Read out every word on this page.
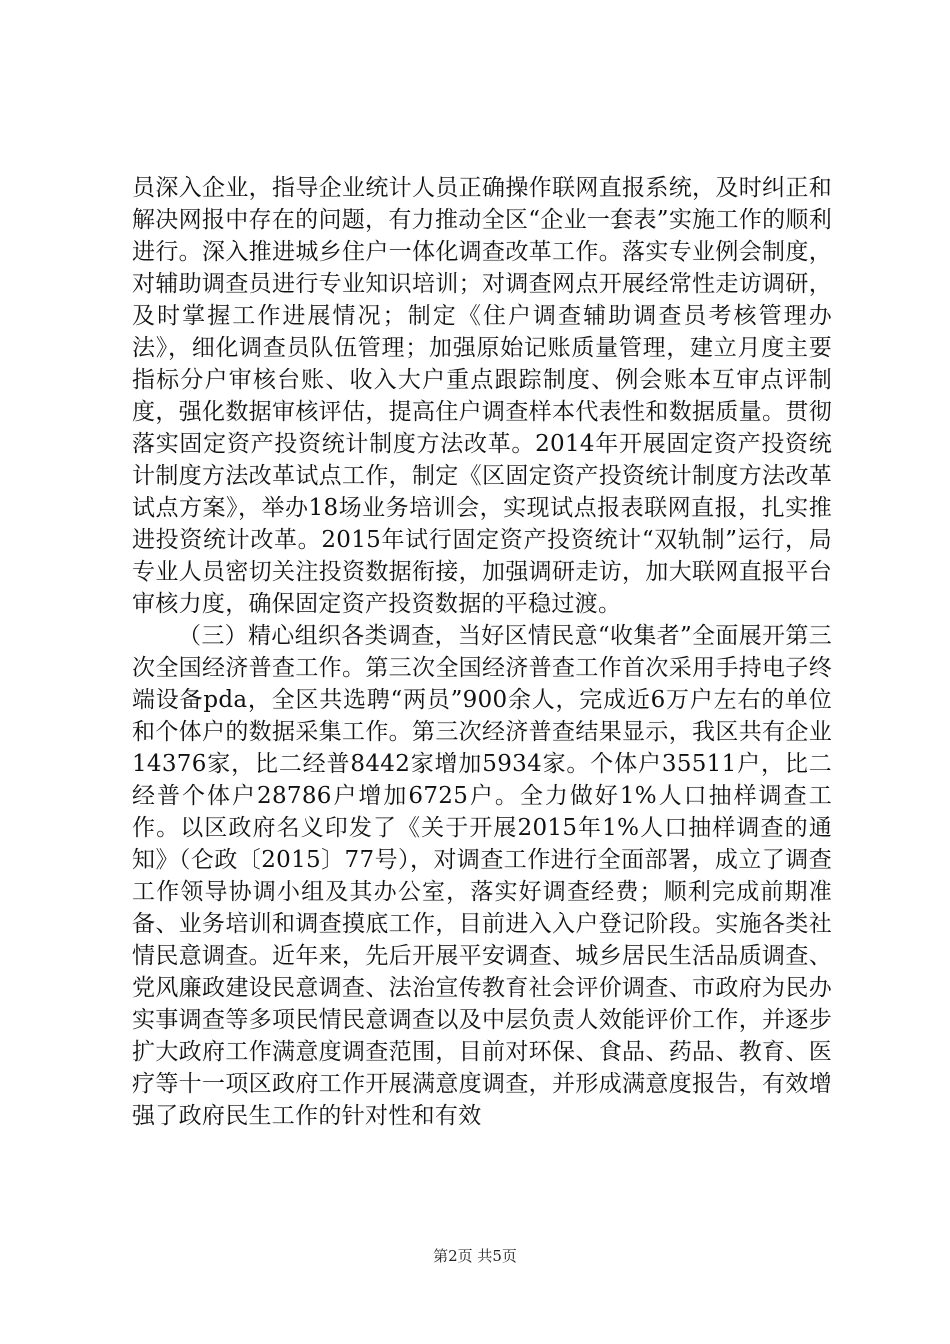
员深入企业，指导企业统计人员正确操作联网直报系统，及时纠正和解决网报中存在的问题，有力推动全区“企业一套表”实施工作的顺利进行。深入推进城乡住户一体化调查改革工作。落实专业例会制度，对辅助调查员进行专业知识培训；对调查网点开展经常性走访调研，及时掌握工作进展情况；制定《住户调查辅助调查员考核管理办法》，细化调查员队伍管理；加强原始记账质量管理，建立月度主要指标分户审核台账、收入大户重点跟踪制度、例会账本互审点评制度，强化数据审核评估，提高住户调查样本代表性和数据质量。贯彻落实固定资产投资统计制度方法改革。2014年开展固定资产投资统计制度方法改革试点工作，制定《区固定资产投资统计制度方法改革试点方案》，举办18场业务培训会，实现试点报表联网直报，扎实推进投资统计改革。2015年试行固定资产投资统计“双轨制”运行，局专业人员密切关注投资数据衔接，加强调研走访，加大联网直报平台审核力度，确保固定资产投资数据的平稳过渡。

（三）精心组织各类调查，当好区情民意“收集者”全面展开第三次全国经济普查工作。第三次全国经济普查工作首次采用手持电子终端设备pda，全区共选聘“两员”900余人，完成近6万户左右的单位和个体户的数据采集工作。第三次经济普查结果显示，我区共有企业14376家，比二经普8442家增加5934家。个体户35511户，比二经普个体户28786户增加6725户。全力做好1%人口抽样调查工作。以区政府名义印发了《关于开展2015年1%人口抽样调查的通知》（仑政〔2015〕77号），对调查工作进行全面部署，成立了调查工作领导协调小组及其办公室，落实好调查经费；顺利完成前期准备、业务培训和调查摸底工作，目前进入入户登记阶段。实施各类社情民意调查。近年来，先后开展平安调查、城乡居民生活品质调查、党风廉政建设民意调查、法治宣传教育社会评价调查、市政府为民办实事调查等多项民情民意调查以及中层负责人效能评价工作，并逐步扩大政府工作满意度调查范围，目前对环保、食品、药品、教育、医疗等十一项区政府工作开展满意度调查，并形成满意度报告，有效增强了政府民生工作的针对性和有效

第2页 共5页
